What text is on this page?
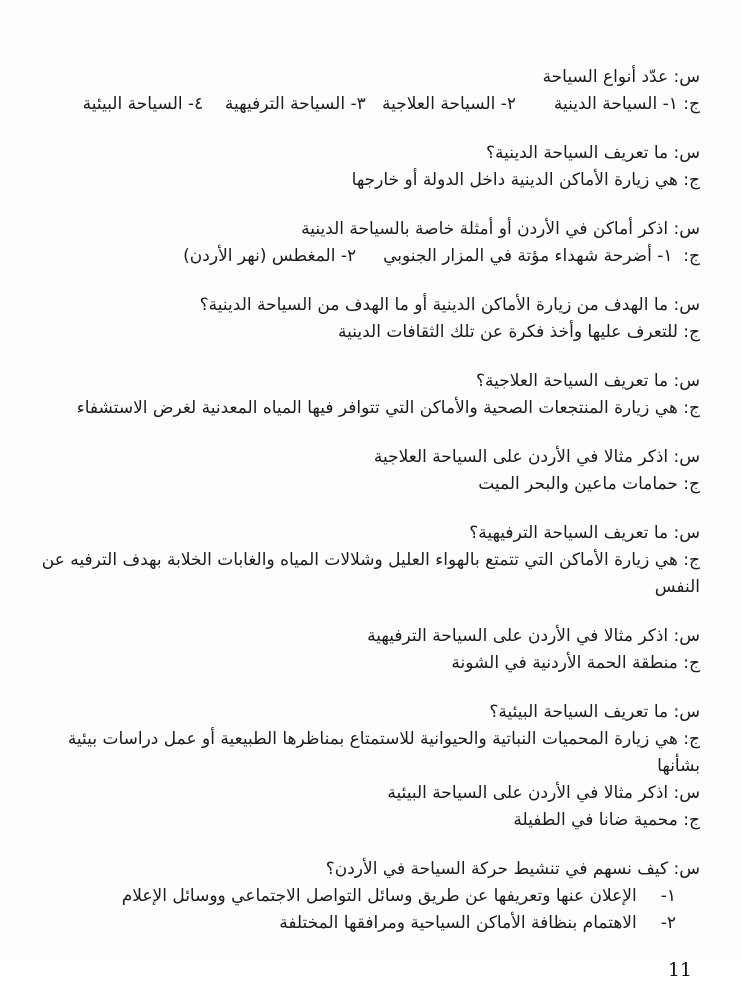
س: عدّد أنواع السياحة

ج: ١- السياحة الدينية       ٢- السياحة العلاجية   ٣- السياحة الترفيهية    ٤- السياحة البيئية

س: ما تعريف السياحة الدينية؟

ج: هي زيارة الأماكن الدينية داخل الدولة أو خارجها

س: اذكر أماكن في الأردن أو أمثلة خاصة بالسياحة الدينية

ج:  ١- أضرحة شهداء مؤتة في المزار الجنوبي     ٢- المغطس (نهر الأردن)

س: ما الهدف من زيارة الأماكن الدينية أو ما الهدف من السياحة الدينية؟

ج: للتعرف عليها وأخذ فكرة عن تلك الثقافات الدينية

س: ما تعريف السياحة العلاجية؟

ج: هي زيارة المنتجعات الصحية والأماكن التي تتوافر فيها المياه المعدنية لغرض الاستشفاء

س: اذكر مثالا في الأردن على السياحة العلاجية

ج: حمامات ماعين والبحر الميت

س: ما تعريف السياحة الترفيهية؟

ج: هي زيارة الأماكن التي تتمتع بالهواء العليل وشلالات المياه والغابات الخلابة بهدف الترفيه عن النفس

س: اذكر مثالا في الأردن على السياحة الترفيهية

ج: منطقة الحمة الأردنية في الشونة

س: ما تعريف السياحة البيئية؟

ج: هي زيارة المحميات النباتية والحيوانية للاستمتاع بمناظرها الطبيعية أو عمل دراسات بيئية بشأنها

س: اذكر مثالا في الأردن على السياحة البيئية

ج: محمية ضانا في الطفيلة

س: كيف نسهم في تنشيط حركة السياحة في الأردن؟

١-
الإعلان عنها وتعريفها عن طريق وسائل التواصل الاجتماعي ووسائل الإعلام
٢-
الاهتمام بنظافة الأماكن السياحية ومرافقها المختلفة
11
